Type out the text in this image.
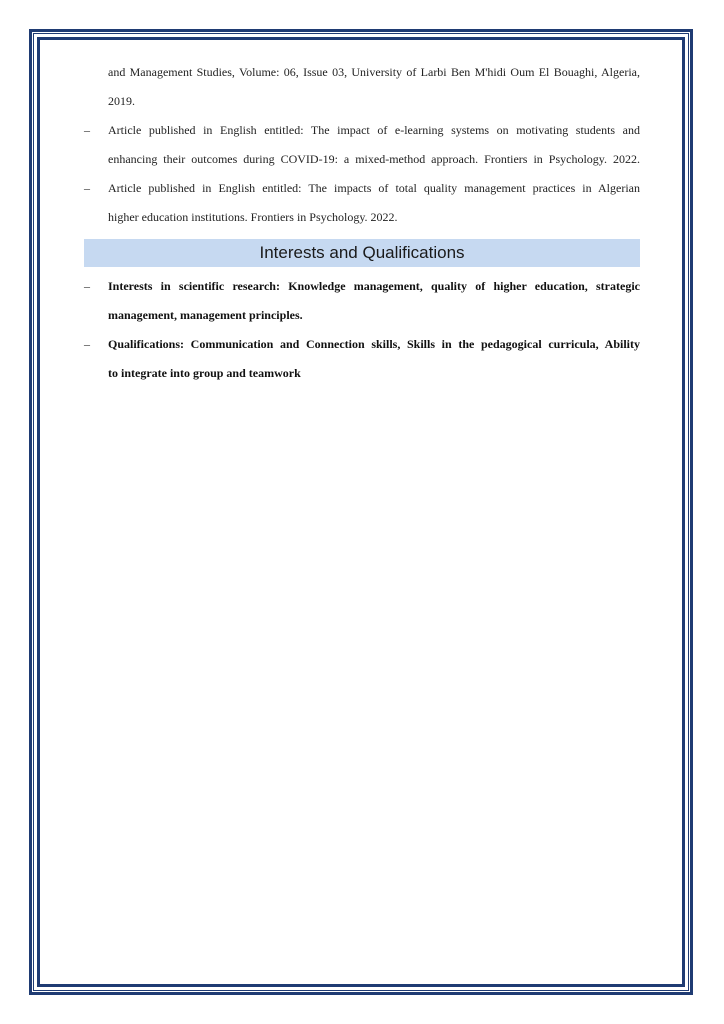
and Management Studies, Volume: 06, Issue 03, University of Larbi Ben M'hidi Oum El Bouaghi, Algeria,
2019.
–	Article published in English entitled: The impact of e-learning systems on motivating students and
enhancing their outcomes during COVID-19: a mixed-method approach. Frontiers in Psychology. 2022.
–	Article published in English entitled: The impacts of total quality management practices in Algerian
higher education institutions. Frontiers in Psychology. 2022.
Interests and Qualifications
–	Interests in scientific research: Knowledge management, quality of higher education, strategic
management, management principles.
–	Qualifications: Communication and Connection skills, Skills in the pedagogical curricula, Ability
to integrate into group and teamwork
